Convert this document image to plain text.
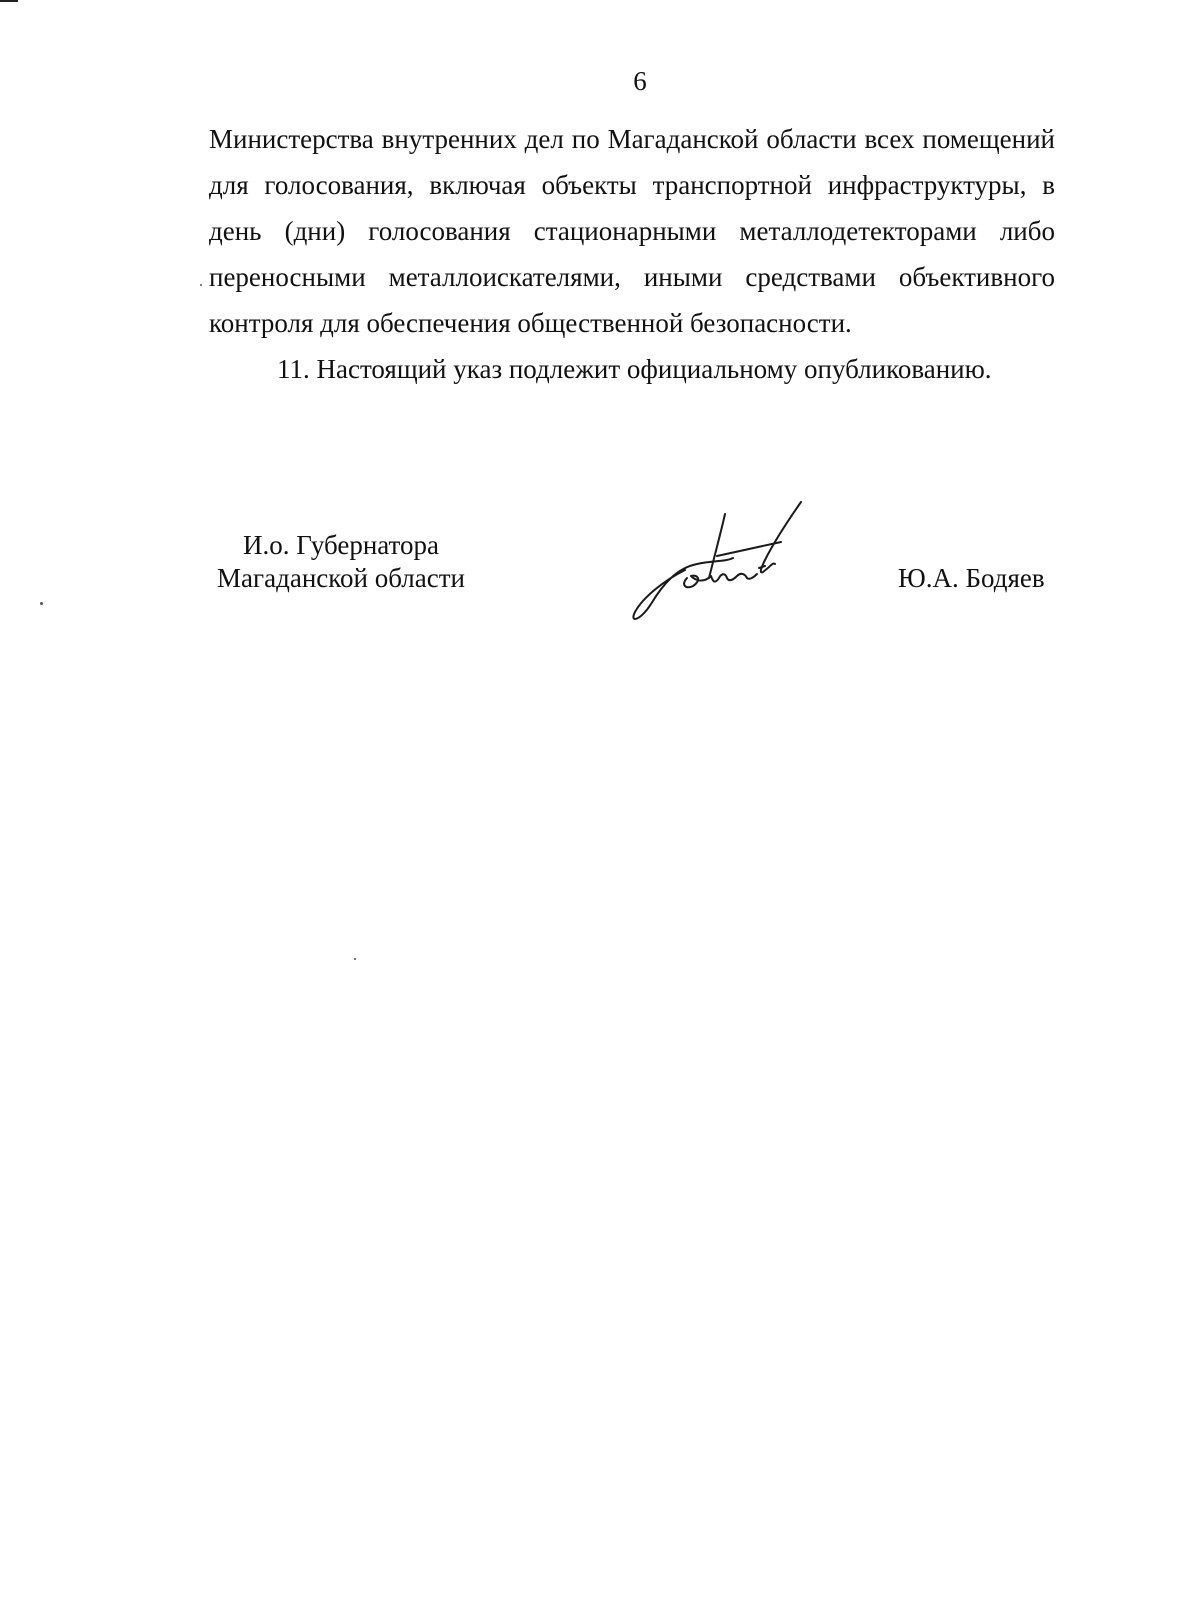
6

Министерства внутренних дел по Магаданской области всех помещений для голосования, включая объекты транспортной инфраструктуры, в день (дни) голосования стационарными металлодетекторами либо переносными металлоискателями, иными средствами объективного контроля для обеспечения общественной безопасности.

11. Настоящий указ подлежит официальному опубликованию.

И.о. Губернатора
Магаданской области	Ю.А. Бодяев
